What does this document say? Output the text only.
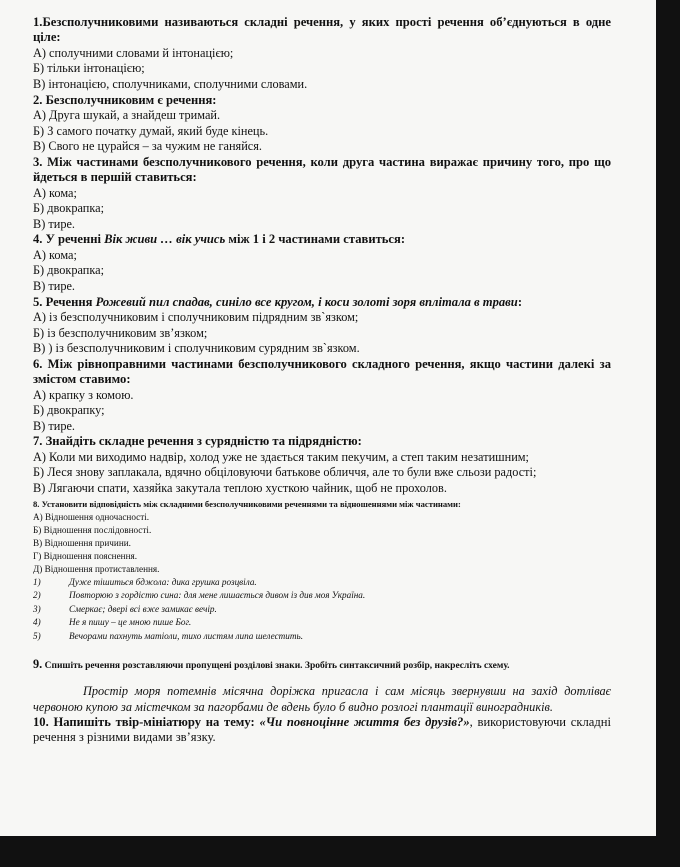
1.Безсполучниковими називаються складні речення, у яких прості речення об’єднуються в одне ціле:

А) сполучними словами й інтонацією;

Б) тільки інтонацією;

В) інтонацією, сполучниками, сполучними словами.

2. Безсполучниковим є речення:

А) Друга шукай, а знайдеш тримай.

Б) З самого початку думай, який буде кінець.

В) Свого не цурайся – за чужим не ганяйся.

3. Між частинами безсполучникового речення, коли друга частина виражає причину того, про що йдеться в першій ставиться:

А) кома;

Б) двокрапка;

В) тире.

4. У реченні Вік живи … вік учись між 1 і 2 частинами ставиться:

А) кома;

Б) двокрапка;

В) тире.

5. Речення Рожевий пил спадав, синіло все кругом, і коси золоті зоря вплітала в трави:

А) із безсполучниковим і сполучниковим підрядним зв`язком;

Б) із безсполучниковим зв’язком;

В) ) із безсполучниковим і сполучниковим сурядним зв`язком.

6. Між рівноправними частинами безсполучникового складного речення, якщо частини далекі за змістом ставимо:

А) крапку з комою.

Б) двокрапку;

В) тире.

7. Знайдіть складне речення з сурядністю та підрядністю:

А) Коли ми виходимо надвір, холод уже не здається таким пекучим, а степ таким незатишним;

Б) Леся знову заплакала, вдячно обціловуючи батькове обличчя, але то були вже сльози радості;

В) Лягаючи спати, хазяйка закутала теплою хусткою чайник, щоб не прохолов.

8. Установити відповідність між складними безсполучниковими реченнями та відношеннями між частинами:

А) Відношення одночасності.

Б) Відношення послідовності.

В) Відношення причини.

Г) Відношення пояснення.

Д) Відношення протиставлення.

1)	Дуже тішиться бджола: дика грушка розцвіла.
2)	Повторюю з гордістю сина: для мене лишається дивом із див моя Україна.
3)	Смеркає; двері всі вже замикає вечір.
4)	Не я пишу – це мною пише Бог.
5)	Вечорами пахнуть матіоли, тихо листям липа шелестить.

9. Спишіть речення розставляючи пропущені розділові знаки. Зробіть синтаксичний розбір, накресліть схему.

Простір моря потемнів місячна доріжка пригасла і сам місяць звернувши на захід дотліває червоною купою за містечком за пагорбами де вдень було б видно розлогі плантації виноградників.

10. Напишіть твір-мініатюру на тему: «Чи повноцінне життя без друзів?», використовуючи складні речення з різними видами зв’язку.
